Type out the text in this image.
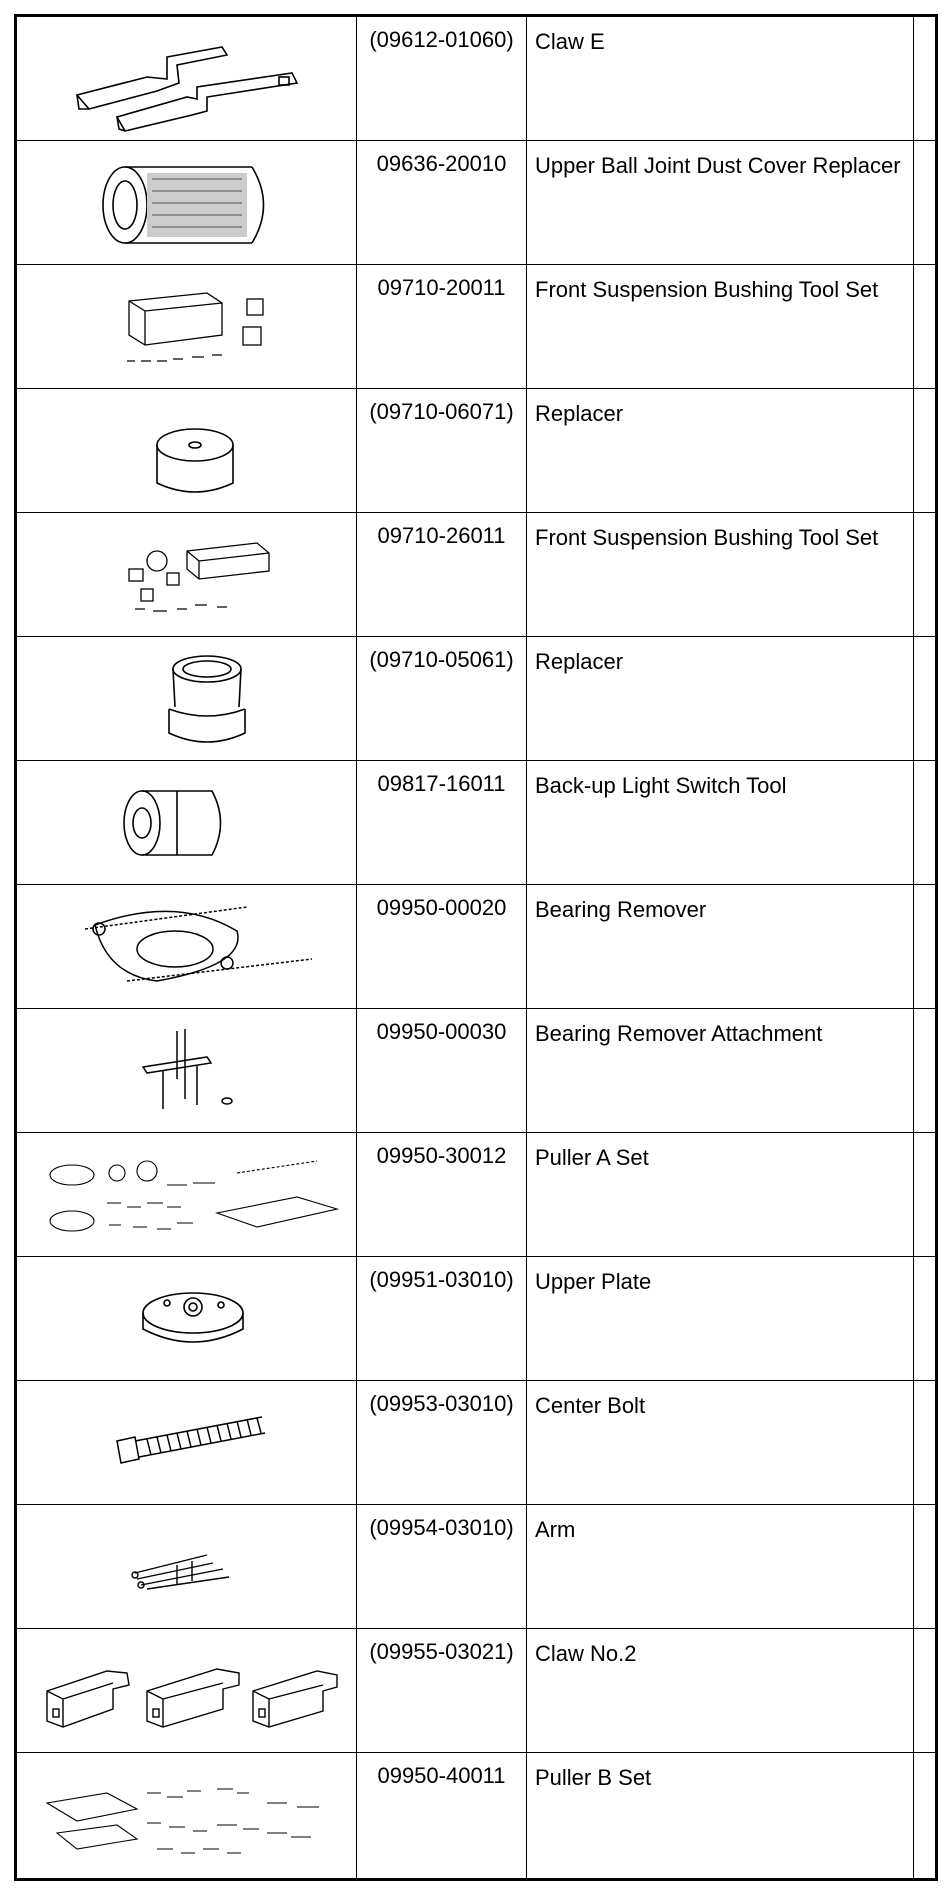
(09612-01060) Claw E
09636-20010	Upper Ball Joint Dust Cover Replacer
09710-20011	Front Suspension Bushing Tool Set
(09710-06071) Replacer
09710-26011	Front Suspension Bushing Tool Set
(09710-05061) Replacer
09817-16011	Back-up Light Switch Tool
09950-00020	Bearing Remover
09950-00030	Bearing Remover Attachment
09950-30012	Puller A Set
(09951-03010) Upper Plate
(09953-03010) Center Bolt
(09954-03010) Arm
(09955-03021) Claw No.2
09950-40011	Puller B Set
